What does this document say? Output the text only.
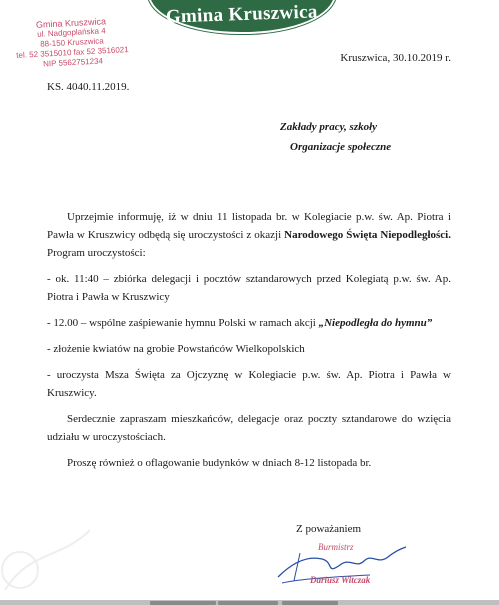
Gmina Kruszwica
Gmina Kruszwica
ul. Nadgoplańska 4
88-150 Kruszwica
tel. 52 3515010 fax 52 3516021
NIP 5562751234	Kruszwica, 30.10.2019 r.
KS. 4040.11.2019.
Zakłady pracy, szkoły
Organizacje społeczne

Uprzejmie informuję, iż w dniu 11 listopada br. w Kolegiacie p.w. św. Ap. Piotra i Pawła w Kruszwicy odbędą się uroczystości z okazji Narodowego Święta Niepodległości. Program uroczystości:

- ok. 11:40 – zbiórka delegacji i pocztów sztandarowych przed Kolegiatą p.w. św. Ap. Piotra i Pawła w Kruszwicy

- 12.00 – wspólne zaśpiewanie hymnu Polski w ramach akcji „Niepodległa do hymnu”

- złożenie kwiatów na grobie Powstańców Wielkopolskich

- uroczysta Msza Święta za Ojczyznę w Kolegiacie p.w. św. Ap. Piotra i Pawła w Kruszwicy.

Serdecznie zapraszam mieszkańców, delegacje oraz poczty sztandarowe do wzięcia udziału w uroczystościach.

Proszę również o oflagowanie budynków w dniach 8-12 listopada br.

Z poważaniem
Burmistrz
Dariusz Witczak
